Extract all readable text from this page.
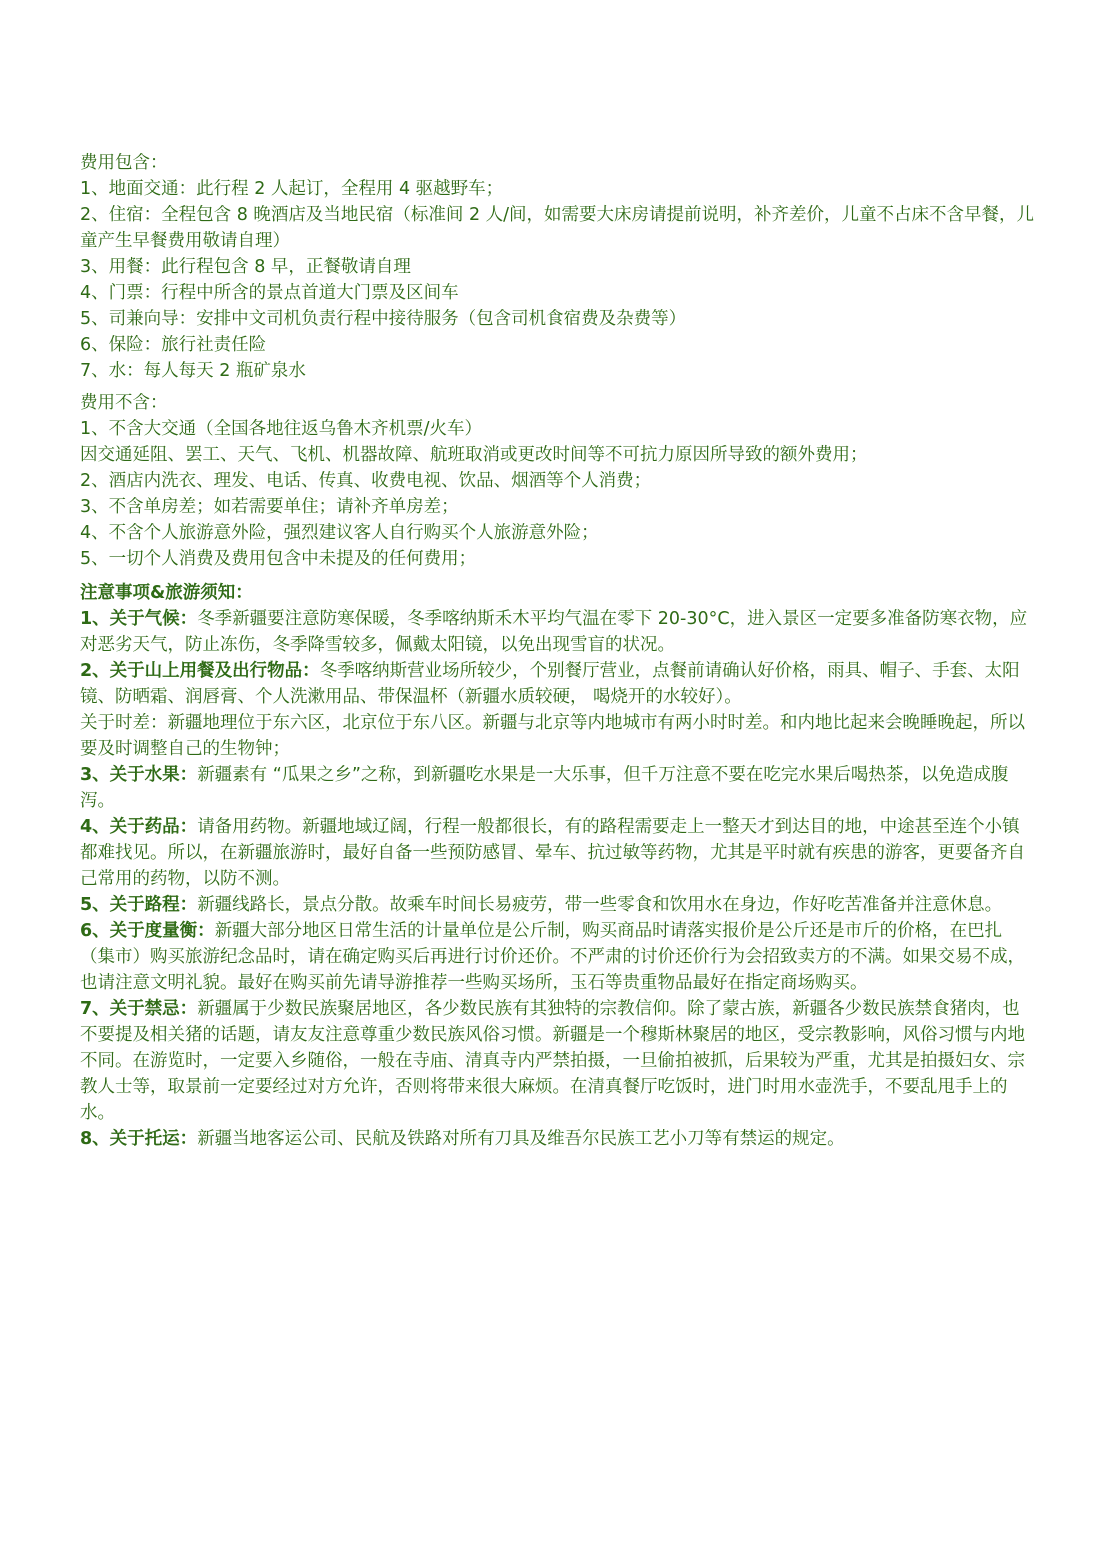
费用包含：

1、地面交通：此行程 2 人起订，全程用 4 驱越野车；

2、住宿：全程包含 8 晚酒店及当地民宿（标准间 2 人/间，如需要大床房请提前说明，补齐差价，儿童不占床不含早餐，儿童产生早餐费用敬请自理）

3、用餐：此行程包含 8 早，正餐敬请自理

4、门票：行程中所含的景点首道大门票及区间车

5、司兼向导：安排中文司机负责行程中接待服务（包含司机食宿费及杂费等）

6、保险：旅行社责任险

7、水：每人每天 2 瓶矿泉水

费用不含：

1、不含大交通（全国各地往返乌鲁木齐机票/火车）

因交通延阻、罢工、天气、飞机、机器故障、航班取消或更改时间等不可抗力原因所导致的额外费用；

2、酒店内洗衣、理发、电话、传真、收费电视、饮品、烟酒等个人消费；

3、不含单房差；如若需要单住；请补齐单房差；

4、不含个人旅游意外险，强烈建议客人自行购买个人旅游意外险；

5、一切个人消费及费用包含中未提及的任何费用；

注意事项&旅游须知：

1、关于气候：冬季新疆要注意防寒保暖，冬季喀纳斯禾木平均气温在零下 20-30°C，进入景区一定要多准备防寒衣物，应对恶劣天气，防止冻伤，冬季降雪较多，佩戴太阳镜，以免出现雪盲的状况。

2、关于山上用餐及出行物品：冬季喀纳斯营业场所较少，个别餐厅营业，点餐前请确认好价格，雨具、帽子、手套、太阳镜、防晒霜、润唇膏、个人洗漱用品、带保温杯（新疆水质较硬， 喝烧开的水较好）。

关于时差：新疆地理位于东六区，北京位于东八区。新疆与北京等内地城市有两小时时差。和内地比起来会晚睡晚起，所以要及时调整自己的生物钟；

3、关于水果：新疆素有 “瓜果之乡”之称，到新疆吃水果是一大乐事，但千万注意不要在吃完水果后喝热茶，以免造成腹泻。

4、关于药品：请备用药物。新疆地域辽阔，行程一般都很长，有的路程需要走上一整天才到达目的地，中途甚至连个小镇都难找见。所以，在新疆旅游时，最好自备一些预防感冒、晕车、抗过敏等药物，尤其是平时就有疾患的游客，更要备齐自己常用的药物，以防不测。

5、关于路程：新疆线路长，景点分散。故乘车时间长易疲劳，带一些零食和饮用水在身边，作好吃苦准备并注意休息。

6、关于度量衡：新疆大部分地区日常生活的计量单位是公斤制，购买商品时请落实报价是公斤还是市斤的价格，在巴扎（集市）购买旅游纪念品时，请在确定购买后再进行讨价还价。不严肃的讨价还价行为会招致卖方的不满。如果交易不成，也请注意文明礼貌。最好在购买前先请导游推荐一些购买场所，玉石等贵重物品最好在指定商场购买。

7、关于禁忌：新疆属于少数民族聚居地区，各少数民族有其独特的宗教信仰。除了蒙古族，新疆各少数民族禁食猪肉，也不要提及相关猪的话题，请友友注意尊重少数民族风俗习惯。新疆是一个穆斯林聚居的地区，受宗教影响，风俗习惯与内地不同。在游览时，一定要入乡随俗，一般在寺庙、清真寺内严禁拍摄，一旦偷拍被抓，后果较为严重，尤其是拍摄妇女、宗教人士等，取景前一定要经过对方允许，否则将带来很大麻烦。在清真餐厅吃饭时，进门时用水壶洗手，不要乱甩手上的水。

8、关于托运：新疆当地客运公司、民航及铁路对所有刀具及维吾尔民族工艺小刀等有禁运的规定。
